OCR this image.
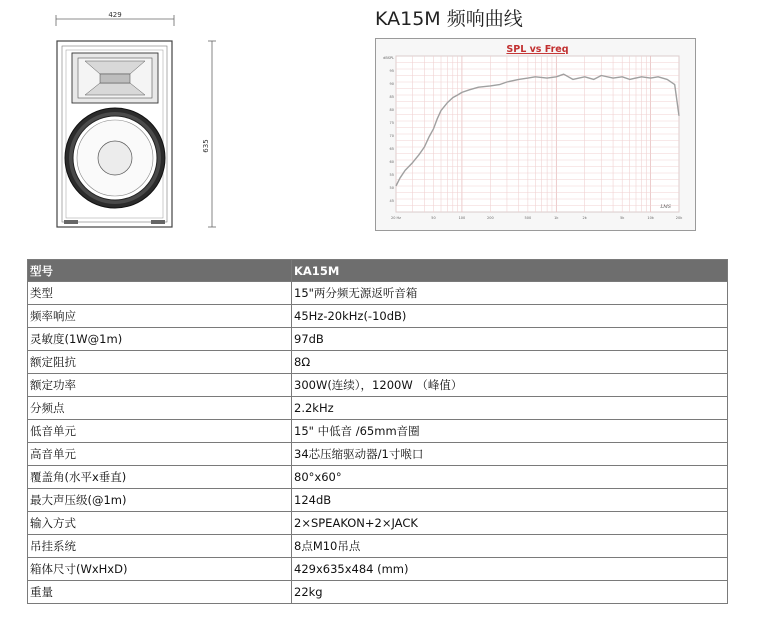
429
635
KA15M 频响曲线
SPL vs Freq
dBSPL
95
90
85
80
75
70
65
60
55
50
45
20 Hz	50	100	200	500	1k	2k	5k	10k	20k
LMS
型号	KA15M
类型	15"两分频无源返听音箱
频率响应	45Hz-20kHz(-10dB)
灵敏度(1W@1m)	97dB
额定阻抗	8Ω
额定功率	300W(连续），1200W （峰值）
分频点	2.2kHz
低音单元	15" 中低音 /65mm音圈
高音单元	34芯压缩驱动器/1寸喉口
覆盖角(水平x垂直)	80°x60°
最大声压级(@1m)	124dB
输入方式	2×SPEAKON+2×JACK
吊挂系统	8点M10吊点
箱体尺寸(WxHxD)	429x635x484 (mm)
重量	22kg
